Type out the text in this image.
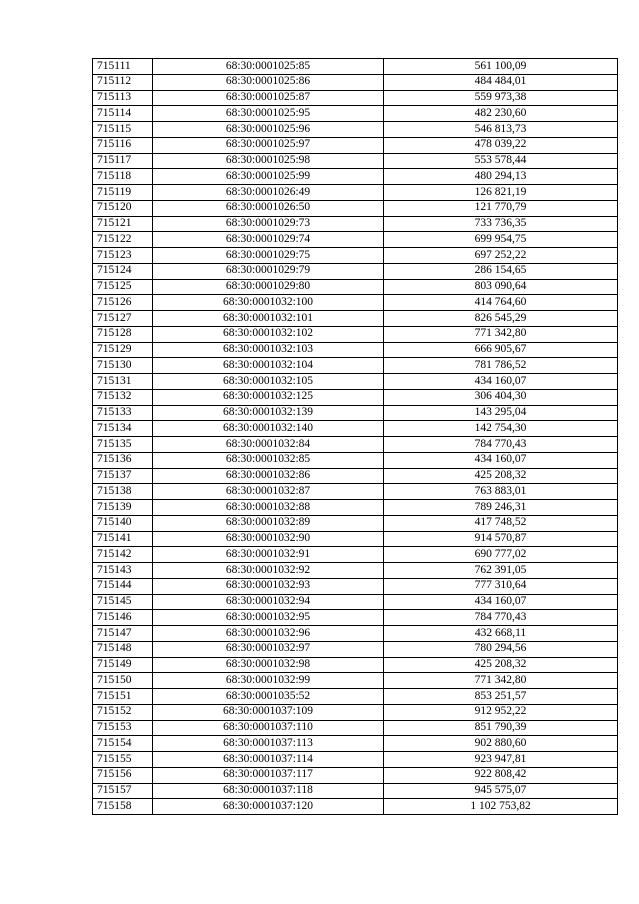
715111	68:30:0001025:85	561 100,09
715112	68:30:0001025:86	484 484,01
715113	68:30:0001025:87	559 973,38
715114	68:30:0001025:95	482 230,60
715115	68:30:0001025:96	546 813,73
715116	68:30:0001025:97	478 039,22
715117	68:30:0001025:98	553 578,44
715118	68:30:0001025:99	480 294,13
715119	68:30:0001026:49	126 821,19
715120	68:30:0001026:50	121 770,79
715121	68:30:0001029:73	733 736,35
715122	68:30:0001029:74	699 954,75
715123	68:30:0001029:75	697 252,22
715124	68:30:0001029:79	286 154,65
715125	68:30:0001029:80	803 090,64
715126	68:30:0001032:100	414 764,60
715127	68:30:0001032:101	826 545,29
715128	68:30:0001032:102	771 342,80
715129	68:30:0001032:103	666 905,67
715130	68:30:0001032:104	781 786,52
715131	68:30:0001032:105	434 160,07
715132	68:30:0001032:125	306 404,30
715133	68:30:0001032:139	143 295,04
715134	68:30:0001032:140	142 754,30
715135	68:30:0001032:84	784 770,43
715136	68:30:0001032:85	434 160,07
715137	68:30:0001032:86	425 208,32
715138	68:30:0001032:87	763 883,01
715139	68:30:0001032:88	789 246,31
715140	68:30:0001032:89	417 748,52
715141	68:30:0001032:90	914 570,87
715142	68:30:0001032:91	690 777,02
715143	68:30:0001032:92	762 391,05
715144	68:30:0001032:93	777 310,64
715145	68:30:0001032:94	434 160,07
715146	68:30:0001032:95	784 770,43
715147	68:30:0001032:96	432 668,11
715148	68:30:0001032:97	780 294,56
715149	68:30:0001032:98	425 208,32
715150	68:30:0001032:99	771 342,80
715151	68:30:0001035:52	853 251,57
715152	68:30:0001037:109	912 952,22
715153	68:30:0001037:110	851 790,39
715154	68:30:0001037:113	902 880,60
715155	68:30:0001037:114	923 947,81
715156	68:30:0001037:117	922 808,42
715157	68:30:0001037:118	945 575,07
715158	68:30:0001037:120	1 102 753,82
